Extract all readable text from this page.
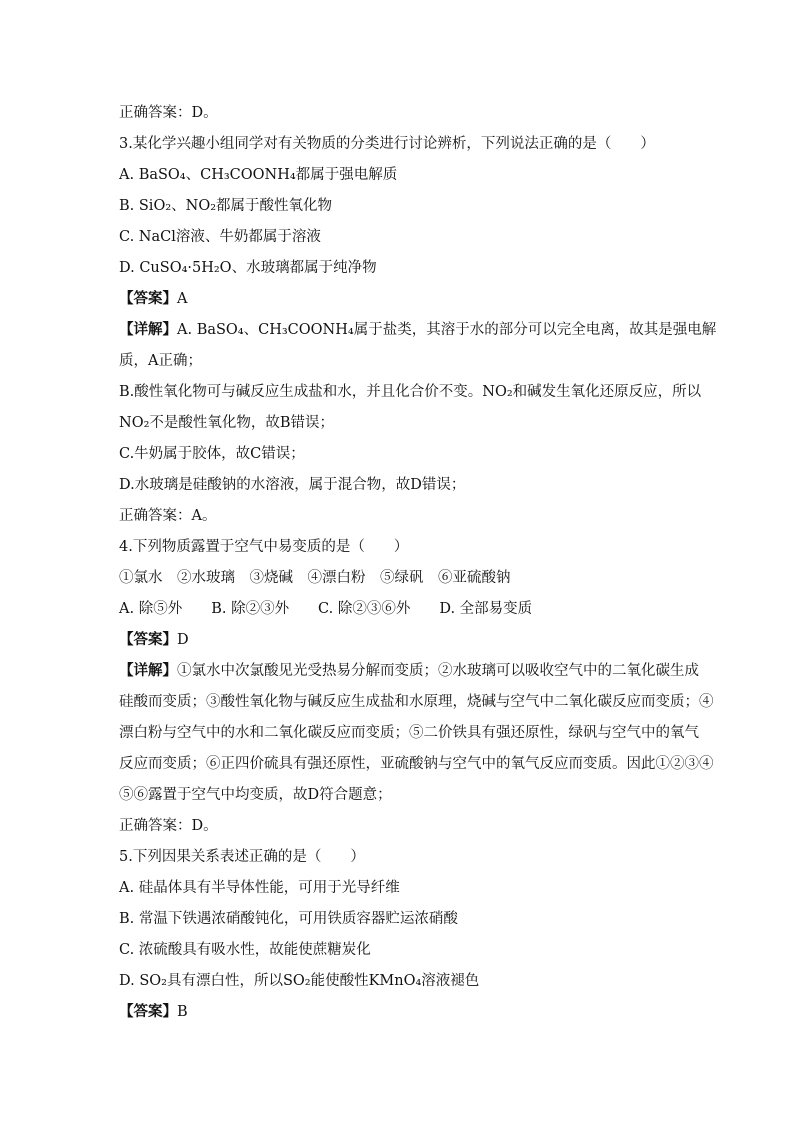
正确答案：D。
3.某化学兴趣小组同学对有关物质的分类进行讨论辨析，下列说法正确的是（　　）
A. BaSO₄、CH₃COONH₄都属于强电解质
B. SiO₂、NO₂都属于酸性氧化物
C. NaCl溶液、牛奶都属于溶液
D. CuSO₄·5H₂O、水玻璃都属于纯净物
【答案】A
【详解】A. BaSO₄、CH₃COONH₄属于盐类，其溶于水的部分可以完全电离，故其是强电解
质，A正确；
B.酸性氧化物可与碱反应生成盐和水，并且化合价不变。NO₂和碱发生氧化还原反应，所以
NO₂不是酸性氧化物，故B错误；
C.牛奶属于胶体，故C错误；
D.水玻璃是硅酸钠的水溶液，属于混合物，故D错误；
正确答案：A。
4.下列物质露置于空气中易变质的是（　　）
①氯水　②水玻璃　③烧碱　④漂白粉　⑤绿矾　⑥亚硫酸钠
A. 除⑤外　　B. 除②③外　　C. 除②③⑥外　　D. 全部易变质
【答案】D
【详解】①氯水中次氯酸见光受热易分解而变质；②水玻璃可以吸收空气中的二氧化碳生成
硅酸而变质；③酸性氧化物与碱反应生成盐和水原理，烧碱与空气中二氧化碳反应而变质；④
漂白粉与空气中的水和二氧化碳反应而变质；⑤二价铁具有强还原性，绿矾与空气中的氧气
反应而变质；⑥正四价硫具有强还原性，亚硫酸钠与空气中的氧气反应而变质。因此①②③④
⑤⑥露置于空气中均变质，故D符合题意；
正确答案：D。
5.下列因果关系表述正确的是（　　）
A. 硅晶体具有半导体性能，可用于光导纤维
B. 常温下铁遇浓硝酸钝化，可用铁质容器贮运浓硝酸
C. 浓硫酸具有吸水性，故能使蔗糖炭化
D. SO₂具有漂白性，所以SO₂能使酸性KMnO₄溶液褪色
【答案】B
